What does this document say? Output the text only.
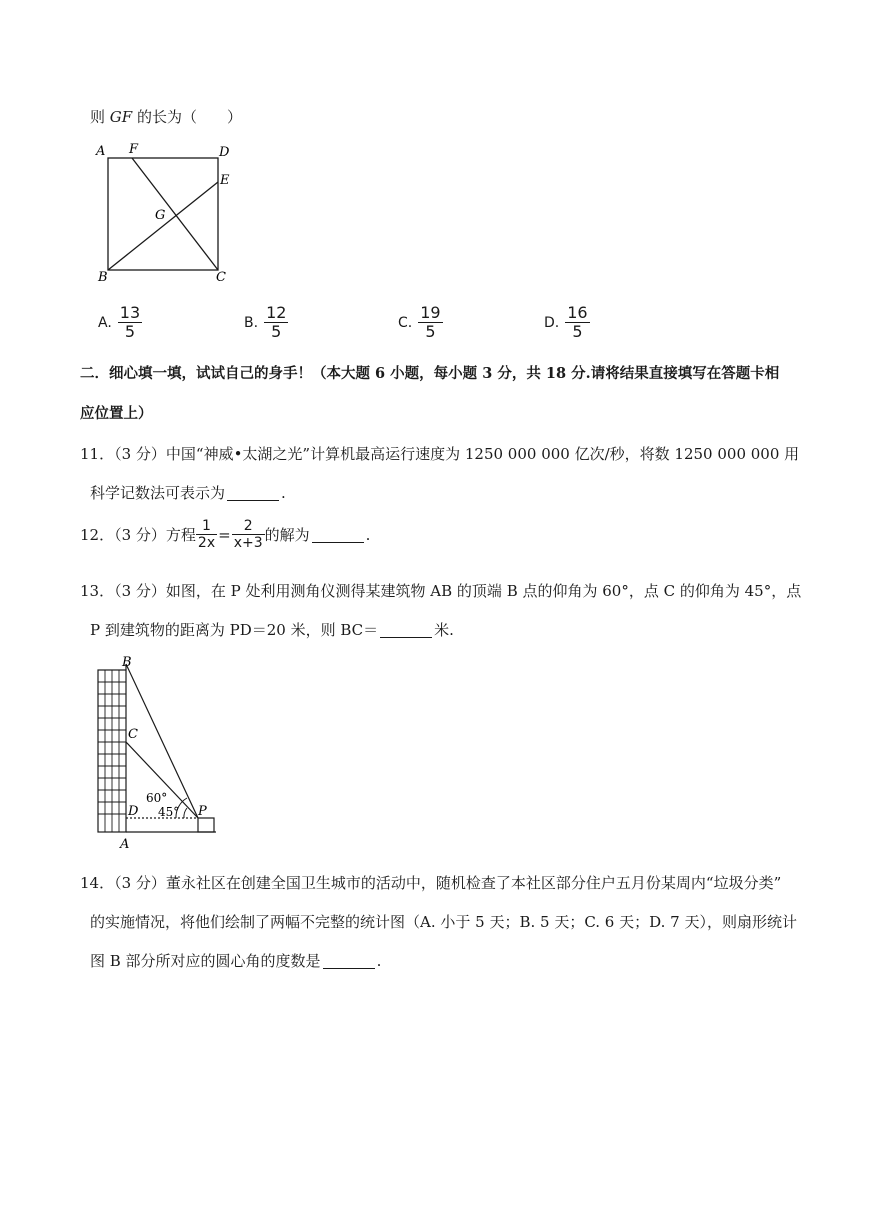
则 GF 的长为（　　）
A F	D
E
G
B	C
A. $\frac{13}{5}$	B. $\frac{12}{5}$	C. $\frac{19}{5}$	D. $\frac{16}{5}$
二．细心填一填，试试自己的身手！（本大题 6 小题，每小题 3 分，共 18 分.请将结果直接填写在答题卡相
应位置上）
11．（3 分）中国“神威•太湖之光”计算机最高运行速度为 1250 000 000 亿次/秒，将数 1250 000 000 用
科学记数法可表示为	.
12．（3 分）方程 $\frac{1}{2x} = \frac{2}{x+3}$ 的解为	.
13．（3 分）如图，在 P 处利用测角仪测得某建筑物 AB 的顶端 B 点的仰角为 60°，点 C 的仰角为 45°，点
P 到建筑物的距离为 PD＝20 米，则 BC＝	米.
B
C
D	P
A
60°
45°
14．（3 分）董永社区在创建全国卫生城市的活动中，随机检查了本社区部分住户五月份某周内“垃圾分类”
的实施情况，将他们绘制了两幅不完整的统计图（A. 小于 5 天；B. 5 天；C. 6 天；D. 7 天），则扇形统计
图 B 部分所对应的圆心角的度数是	.
